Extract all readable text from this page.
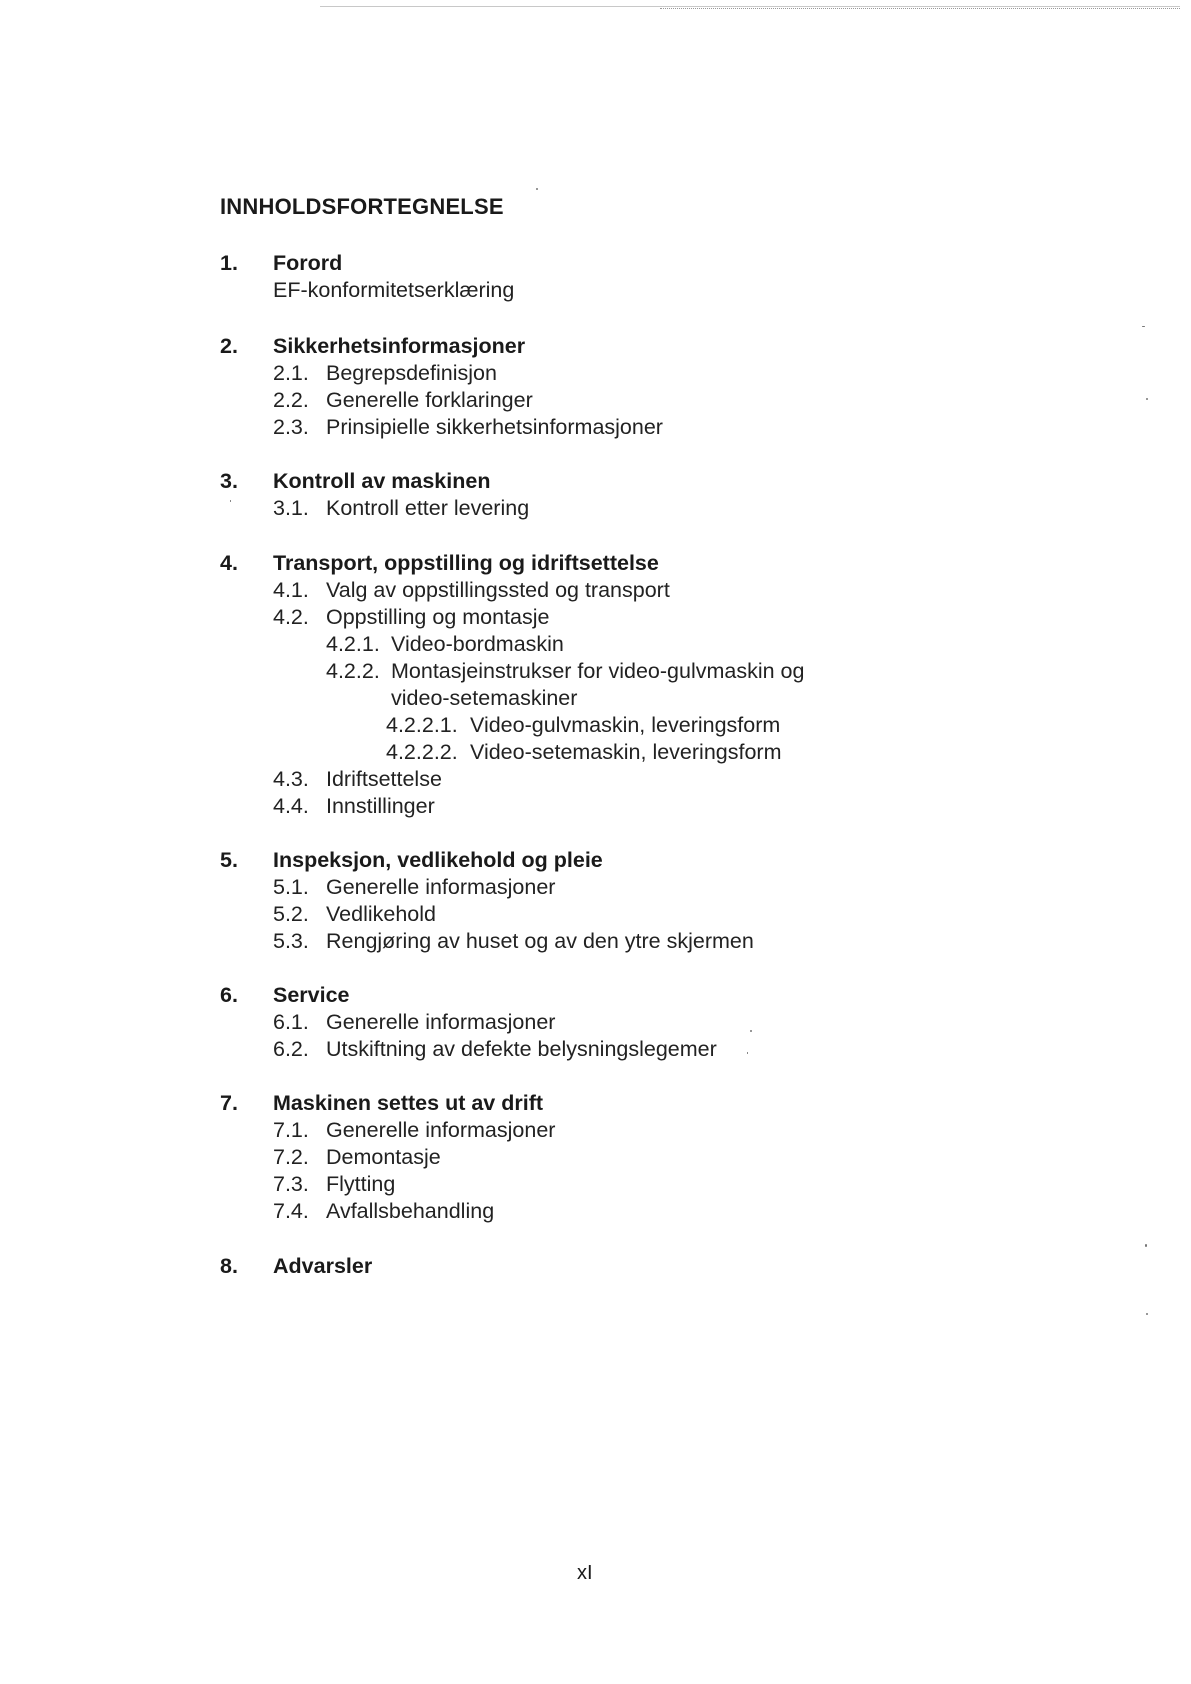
INNHOLDSFORTEGNELSE
1. Forord
EF-konformitetserklæring
2. Sikkerhetsinformasjoner
2.1. Begrepsdefinisjon
2.2. Generelle forklaringer
2.3. Prinsipielle sikkerhetsinformasjoner
3. Kontroll av maskinen
3.1. Kontroll etter levering
4. Transport, oppstilling og idriftsettelse
4.1. Valg av oppstillingssted og transport
4.2. Oppstilling og montasje
4.2.1. Video-bordmaskin
4.2.2. Montasjeinstrukser for video-gulvmaskin og
video-setemaskiner
4.2.2.1. Video-gulvmaskin, leveringsform
4.2.2.2. Video-setemaskin, leveringsform
4.3. Idriftsettelse
4.4. Innstillinger
5. Inspeksjon, vedlikehold og pleie
5.1. Generelle informasjoner
5.2. Vedlikehold
5.3. Rengjøring av huset og av den ytre skjermen
6. Service
6.1. Generelle informasjoner
6.2. Utskiftning av defekte belysningslegemer
7. Maskinen settes ut av drift
7.1. Generelle informasjoner
7.2. Demontasje
7.3. Flytting
7.4. Avfallsbehandling
8. Advarsler
xI
